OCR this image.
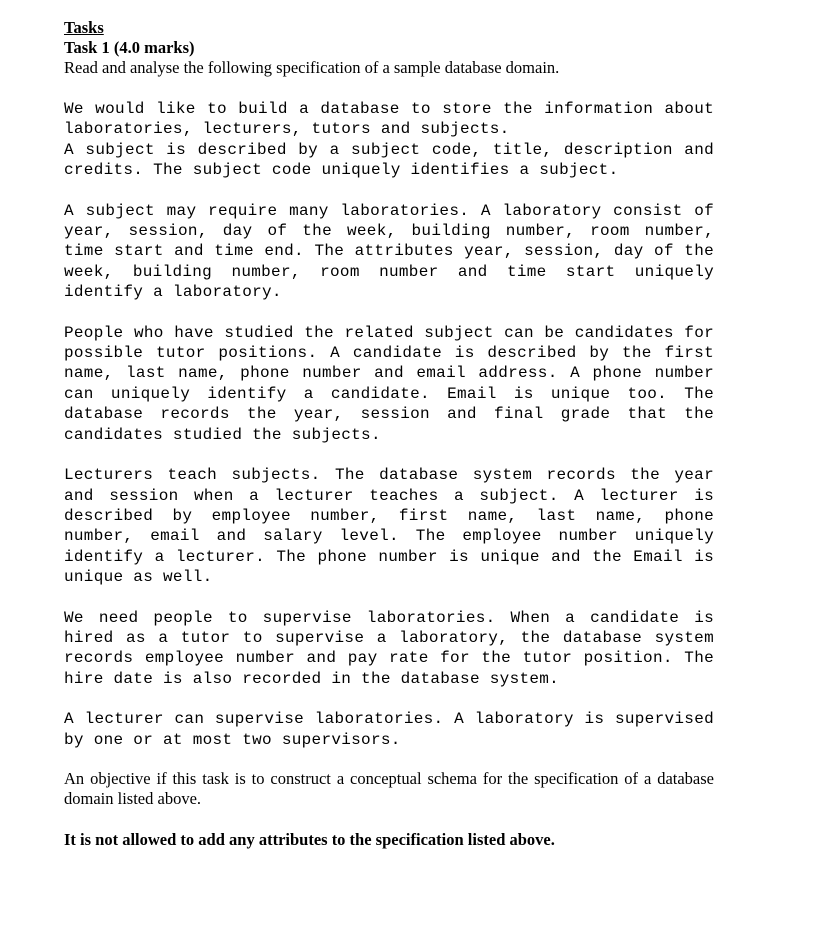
Tasks
Task 1 (4.0 marks)

Read and analyse the following specification of a sample database domain.

We would like to build a database to store the information about laboratories, lecturers, tutors and subjects.

A subject is described by a subject code, title, description and credits. The subject code uniquely identifies a subject.

A subject may require many laboratories. A laboratory consist of year, session, day of the week, building number, room number, time start and time end. The attributes year, session, day of the week, building number, room number and time start uniquely identify a laboratory.

People who have studied the related subject can be candidates for possible tutor positions. A candidate is described by the first name, last name, phone number and email address. A phone number can uniquely identify a candidate. Email is unique too. The database records the year, session and final grade that the candidates studied the subjects.

Lecturers teach subjects. The database system records the year and session when a lecturer teaches a subject. A lecturer is described by employee number, first name, last name, phone number, email and salary level. The employee number uniquely identify a lecturer. The phone number is unique and the Email is unique as well.

We need people to supervise laboratories. When a candidate is hired as a tutor to supervise a laboratory, the database system records employee number and pay rate for the tutor position. The hire date is also recorded in the database system.

A lecturer can supervise laboratories. A laboratory is supervised by one or at most two supervisors.

An objective if this task is to construct a conceptual schema for the specification of a database domain listed above.

It is not allowed to add any attributes to the specification listed above.
